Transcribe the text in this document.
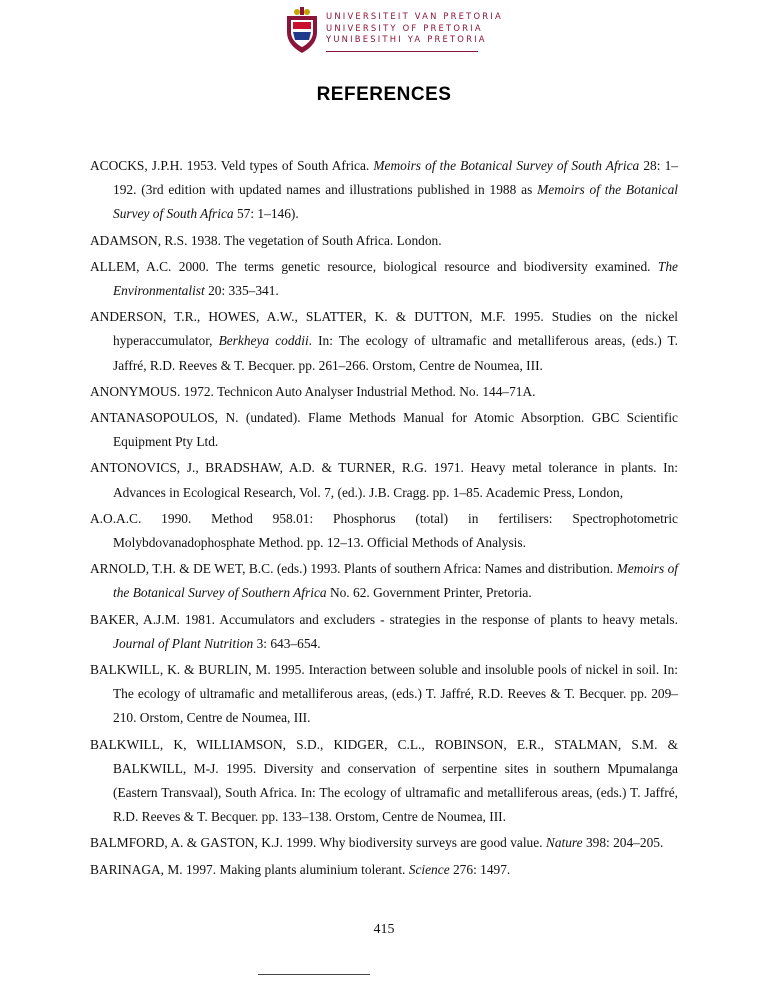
UNIVERSITEIT VAN PRETORIA
UNIVERSITY OF PRETORIA
YUNIBESITHI YA PRETORIA
REFERENCES

ACOCKS, J.P.H. 1953. Veld types of South Africa. Memoirs of the Botanical Survey of South Africa 28: 1–192. (3rd edition with updated names and illustrations published in 1988 as Memoirs of the Botanical Survey of South Africa 57: 1–146).

ADAMSON, R.S. 1938. The vegetation of South Africa. London.

ALLEM, A.C. 2000. The terms genetic resource, biological resource and biodiversity examined. The Environmentalist 20: 335–341.

ANDERSON, T.R., HOWES, A.W., SLATTER, K. & DUTTON, M.F. 1995. Studies on the nickel hyperaccumulator, Berkheya coddii. In: The ecology of ultramafic and metalliferous areas, (eds.) T. Jaffré, R.D. Reeves & T. Becquer. pp. 261–266. Orstom, Centre de Noumea, III.

ANONYMOUS. 1972. Technicon Auto Analyser Industrial Method. No. 144–71A.

ANTANASOPOULOS, N. (undated). Flame Methods Manual for Atomic Absorption. GBC Scientific Equipment Pty Ltd.

ANTONOVICS, J., BRADSHAW, A.D. & TURNER, R.G. 1971. Heavy metal tolerance in plants. In: Advances in Ecological Research, Vol. 7, (ed.). J.B. Cragg. pp. 1–85. Academic Press, London,

A.O.A.C. 1990. Method 958.01: Phosphorus (total) in fertilisers: Spectrophotometric Molybdovanadophosphate Method. pp. 12–13. Official Methods of Analysis.

ARNOLD, T.H. & DE WET, B.C. (eds.) 1993. Plants of southern Africa: Names and distribution. Memoirs of the Botanical Survey of Southern Africa No. 62. Government Printer, Pretoria.

BAKER, A.J.M. 1981. Accumulators and excluders - strategies in the response of plants to heavy metals. Journal of Plant Nutrition 3: 643–654.

BALKWILL, K. & BURLIN, M. 1995. Interaction between soluble and insoluble pools of nickel in soil. In: The ecology of ultramafic and metalliferous areas, (eds.) T. Jaffré, R.D. Reeves & T. Becquer. pp. 209–210. Orstom, Centre de Noumea, III.

BALKWILL, K, WILLIAMSON, S.D., KIDGER, C.L., ROBINSON, E.R., STALMAN, S.M. & BALKWILL, M-J. 1995. Diversity and conservation of serpentine sites in southern Mpumalanga (Eastern Transvaal), South Africa. In: The ecology of ultramafic and metalliferous areas, (eds.) T. Jaffré, R.D. Reeves & T. Becquer. pp. 133–138. Orstom, Centre de Noumea, III.

BALMFORD, A. & GASTON, K.J. 1999. Why biodiversity surveys are good value. Nature 398: 204–205.

BARINAGA, M. 1997. Making plants aluminium tolerant. Science 276: 1497.

415
